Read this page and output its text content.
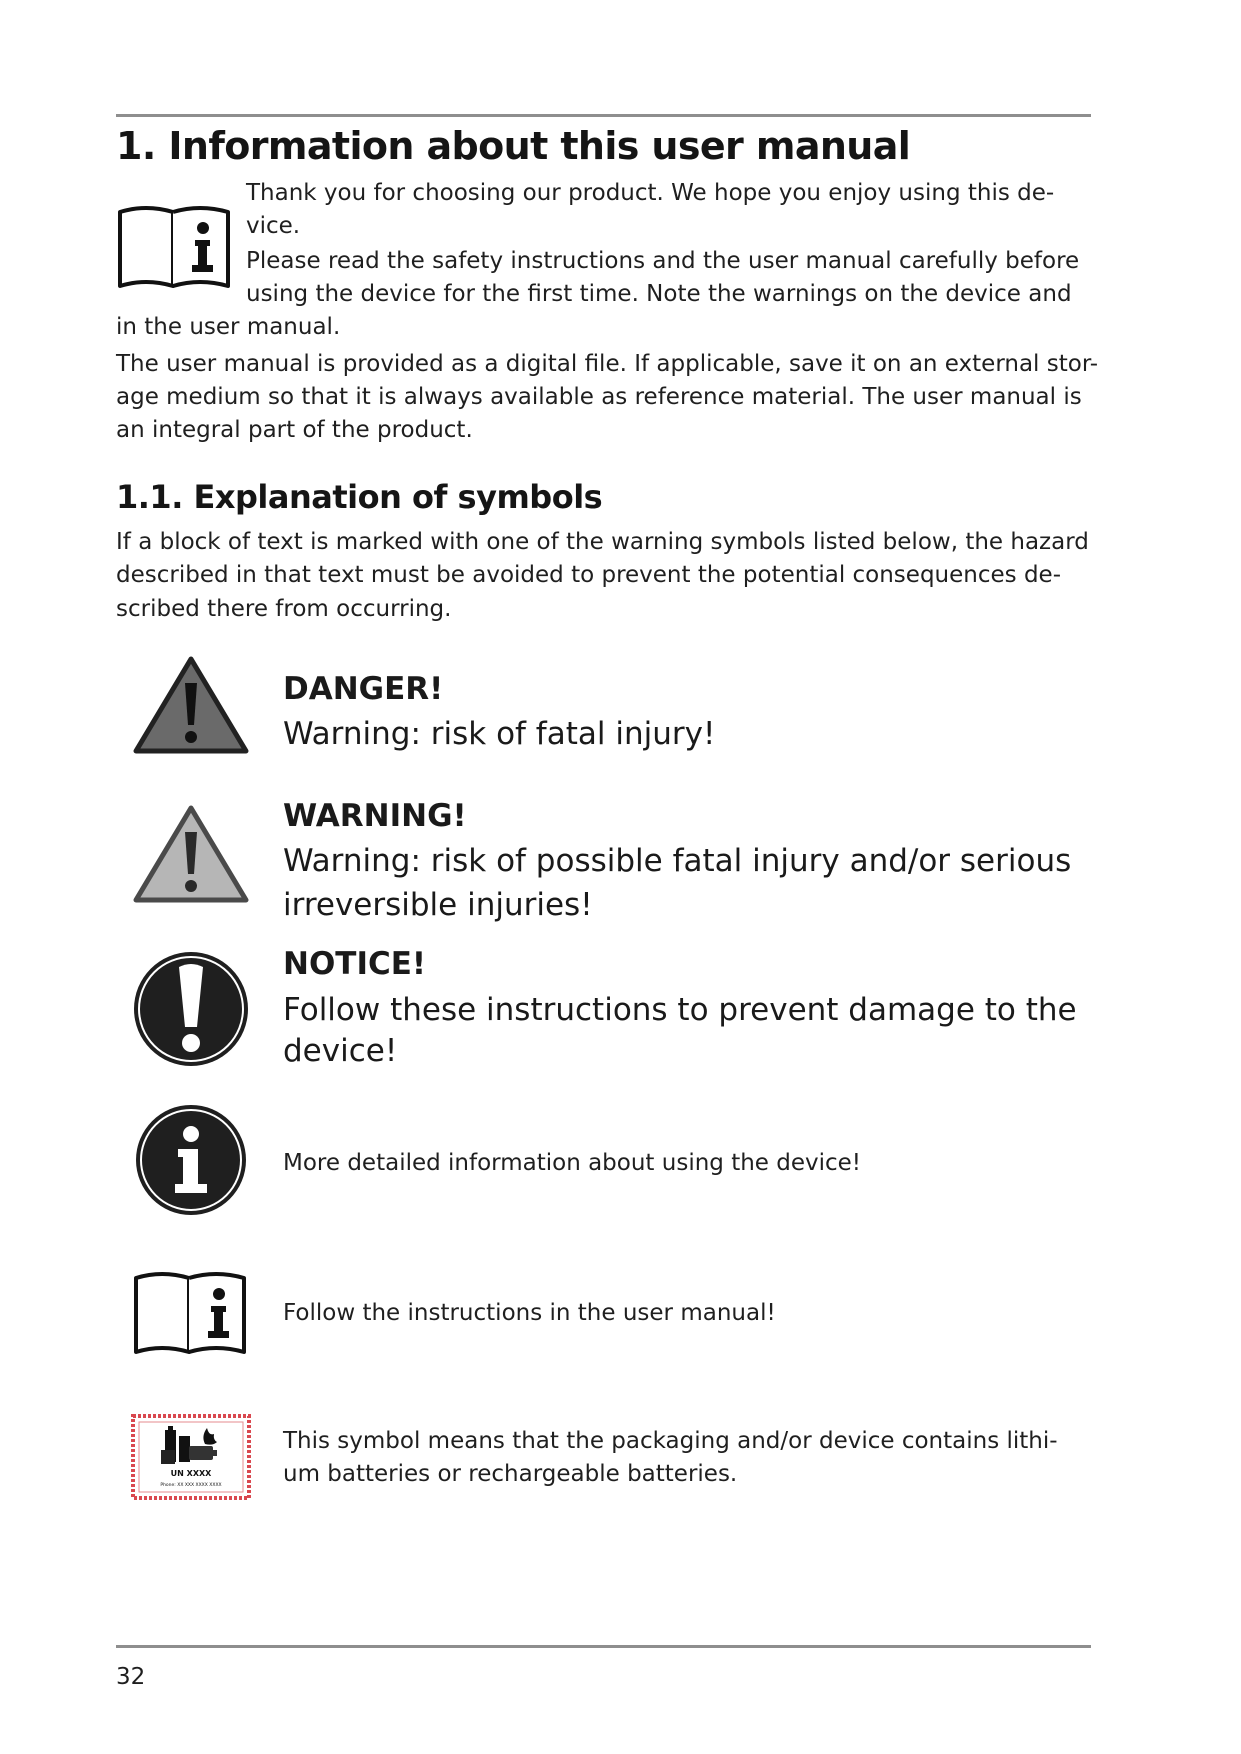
1. Information about this user manual

Thank you for choosing our product. We hope you enjoy using this de-

vice.

Please read the safety instructions and the user manual carefully before

using the device for the first time. Note the warnings on the device and

in the user manual.

The user manual is provided as a digital file. If applicable, save it on an external stor-

age medium so that it is always available as reference material. The user manual is

an integral part of the product.

1.1. Explanation of symbols

If a block of text is marked with one of the warning symbols listed below, the hazard

described in that text must be avoided to prevent the potential consequences de-

scribed there from occurring.

DANGER!

Warning: risk of fatal injury!

WARNING!

Warning: risk of possible fatal injury and/or serious

irreversible injuries!

NOTICE!

Follow these instructions to prevent damage to the

device!

More detailed information about using the device!

Follow the instructions in the user manual!

UN XXXX
Phone: XX XXX XXXX XXXX

This symbol means that the packaging and/or device contains lithi-

um batteries or rechargeable batteries.

32
